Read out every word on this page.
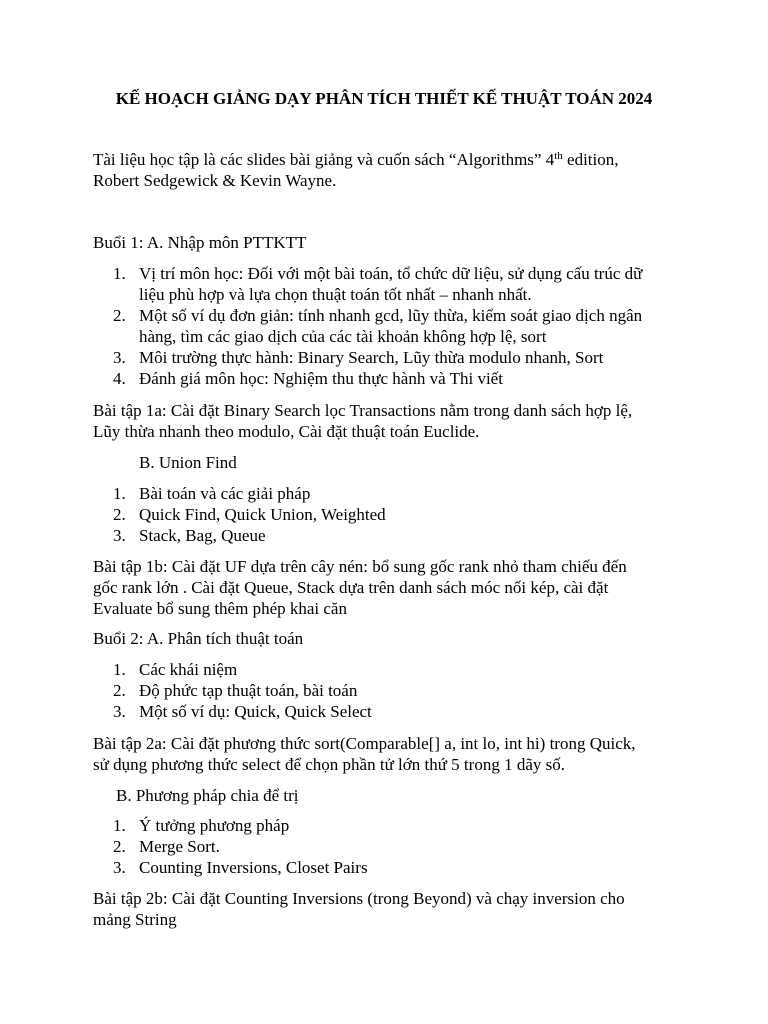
KẾ HOẠCH GIẢNG DẠY PHÂN TÍCH THIẾT KẾ THUẬT TOÁN 2024

Tài liệu học tập là các slides bài giảng và cuốn sách “Algorithms” 4th edition,
Robert Sedgewick & Kevin Wayne.

Buổi 1: A. Nhập môn PTTKTT

1. Vị trí môn học: Đối với một bài toán, tổ chức dữ liệu, sử dụng cấu trúc dữ
liệu phù hợp và lựa chọn thuật toán tốt nhất – nhanh nhất.
2. Một số ví dụ đơn giản: tính nhanh gcd, lũy thừa, kiểm soát giao dịch ngân
hàng, tìm các giao dịch của các tài khoản không hợp lệ, sort
3. Môi trường thực hành: Binary Search, Lũy thừa modulo nhanh, Sort
4. Đánh giá môn học: Nghiệm thu thực hành và Thi viết

Bài tập 1a: Cài đặt Binary Search lọc Transactions nằm trong danh sách hợp lệ,
Lũy thừa nhanh theo modulo, Cài đặt thuật toán Euclide.

B. Union Find

1. Bài toán và các giải pháp
2. Quick Find, Quick Union, Weighted
3. Stack, Bag, Queue

Bài tập 1b: Cài đặt UF dựa trên cây nén: bổ sung gốc rank nhỏ tham chiếu đến
gốc rank lớn . Cài đặt Queue, Stack dựa trên danh sách móc nối kép, cài đặt
Evaluate bổ sung thêm phép khai căn

Buổi 2: A. Phân tích thuật toán

1. Các khái niệm
2. Độ phức tạp thuật toán, bài toán
3. Một số ví dụ: Quick, Quick Select

Bài tập 2a: Cài đặt phương thức sort(Comparable[] a, int lo, int hi) trong Quick,
sử dụng phương thức select để chọn phần tử lớn thứ 5 trong 1 dãy số.

B. Phương pháp chia để trị

1. Ý tưởng phương pháp
2. Merge Sort.
3. Counting Inversions, Closet Pairs

Bài tập 2b: Cài đặt Counting Inversions (trong Beyond) và chạy inversion cho
mảng String
